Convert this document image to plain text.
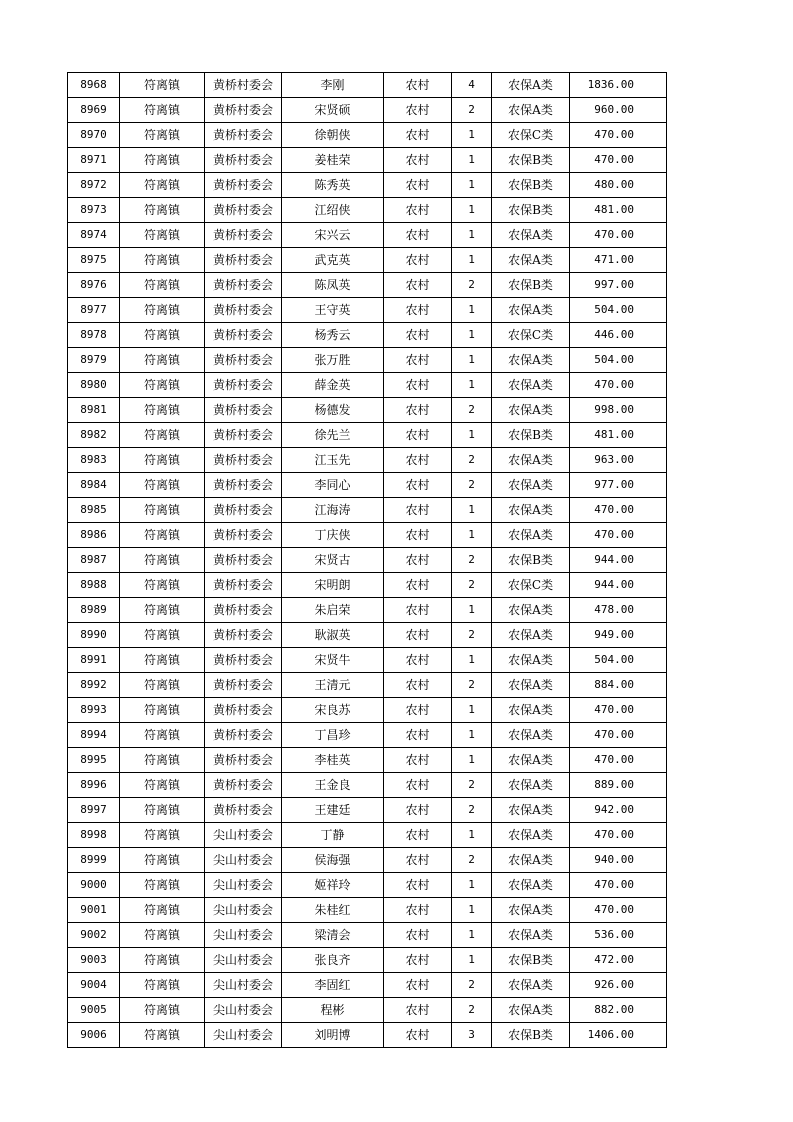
8968	符离镇	黄桥村委会	李刚	农村	4	农保A类	1836.00
8969	符离镇	黄桥村委会	宋贤硕	农村	2	农保A类	960.00
8970	符离镇	黄桥村委会	徐朝侠	农村	1	农保C类	470.00
8971	符离镇	黄桥村委会	姜桂荣	农村	1	农保B类	470.00
8972	符离镇	黄桥村委会	陈秀英	农村	1	农保B类	480.00
8973	符离镇	黄桥村委会	江绍侠	农村	1	农保B类	481.00
8974	符离镇	黄桥村委会	宋兴云	农村	1	农保A类	470.00
8975	符离镇	黄桥村委会	武克英	农村	1	农保A类	471.00
8976	符离镇	黄桥村委会	陈凤英	农村	2	农保B类	997.00
8977	符离镇	黄桥村委会	王守英	农村	1	农保A类	504.00
8978	符离镇	黄桥村委会	杨秀云	农村	1	农保C类	446.00
8979	符离镇	黄桥村委会	张万胜	农村	1	农保A类	504.00
8980	符离镇	黄桥村委会	薛金英	农村	1	农保A类	470.00
8981	符离镇	黄桥村委会	杨德发	农村	2	农保A类	998.00
8982	符离镇	黄桥村委会	徐先兰	农村	1	农保B类	481.00
8983	符离镇	黄桥村委会	江玉先	农村	2	农保A类	963.00
8984	符离镇	黄桥村委会	李同心	农村	2	农保A类	977.00
8985	符离镇	黄桥村委会	江海涛	农村	1	农保A类	470.00
8986	符离镇	黄桥村委会	丁庆侠	农村	1	农保A类	470.00
8987	符离镇	黄桥村委会	宋贤古	农村	2	农保B类	944.00
8988	符离镇	黄桥村委会	宋明朗	农村	2	农保C类	944.00
8989	符离镇	黄桥村委会	朱启荣	农村	1	农保A类	478.00
8990	符离镇	黄桥村委会	耿淑英	农村	2	农保A类	949.00
8991	符离镇	黄桥村委会	宋贤牛	农村	1	农保A类	504.00
8992	符离镇	黄桥村委会	王清元	农村	2	农保A类	884.00
8993	符离镇	黄桥村委会	宋良苏	农村	1	农保A类	470.00
8994	符离镇	黄桥村委会	丁昌珍	农村	1	农保A类	470.00
8995	符离镇	黄桥村委会	李桂英	农村	1	农保A类	470.00
8996	符离镇	黄桥村委会	王金良	农村	2	农保A类	889.00
8997	符离镇	黄桥村委会	王建廷	农村	2	农保A类	942.00
8998	符离镇	尖山村委会	丁静	农村	1	农保A类	470.00
8999	符离镇	尖山村委会	侯海强	农村	2	农保A类	940.00
9000	符离镇	尖山村委会	姬祥玲	农村	1	农保A类	470.00
9001	符离镇	尖山村委会	朱桂红	农村	1	农保A类	470.00
9002	符离镇	尖山村委会	梁清会	农村	1	农保A类	536.00
9003	符离镇	尖山村委会	张良齐	农村	1	农保B类	472.00
9004	符离镇	尖山村委会	李固红	农村	2	农保A类	926.00
9005	符离镇	尖山村委会	程彬	农村	2	农保A类	882.00
9006	符离镇	尖山村委会	刘明博	农村	3	农保B类	1406.00
